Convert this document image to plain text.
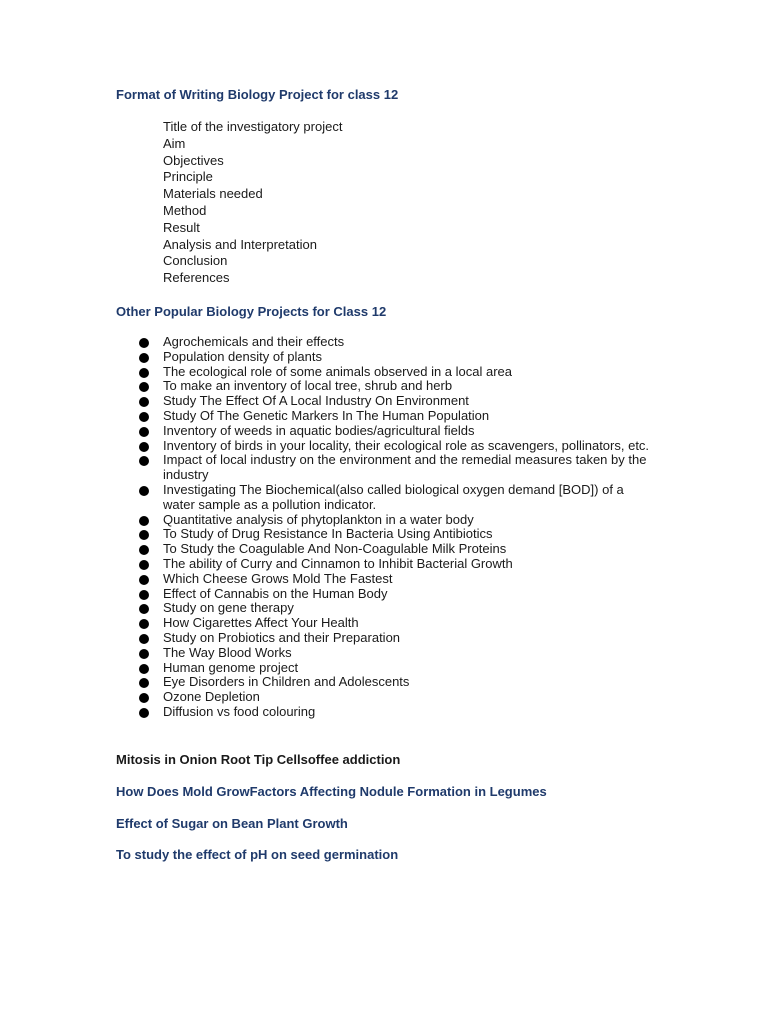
Format of Writing Biology Project for class 12
Title of the investigatory project
Aim
Objectives
Principle
Materials needed
Method
Result
Analysis and Interpretation
Conclusion
References
Other Popular Biology Projects for Class 12
Agrochemicals and their effects
Population density of plants
The ecological role of some animals observed in a local area
To make an inventory of local tree, shrub and herb
Study The Effect Of A Local Industry On Environment
Study Of The Genetic Markers In The Human Population
Inventory of weeds in aquatic bodies/agricultural fields
Inventory of birds in your locality, their ecological role as scavengers, pollinators, etc.
Impact of local industry on the environment and the remedial measures taken by the industry
Investigating The Biochemical(also called biological oxygen demand [BOD]) of a water sample as a pollution indicator.
Quantitative analysis of phytoplankton in a water body
To Study of Drug Resistance In Bacteria Using Antibiotics
To Study the Coagulable And Non-Coagulable Milk Proteins
The ability of Curry and Cinnamon to Inhibit Bacterial Growth
Which Cheese Grows Mold The Fastest
Effect of Cannabis on the Human Body
Study on gene therapy
How Cigarettes Affect Your Health
Study on Probiotics and their Preparation
The Way Blood Works
Human genome project
Eye Disorders in Children and Adolescents
Ozone Depletion
Diffusion vs food colouring
Mitosis in Onion Root Tip Cellsoffee addiction
How Does Mold GrowFactors Affecting Nodule Formation in Legumes
Effect of Sugar on Bean Plant Growth
To study the effect of pH on seed germination
